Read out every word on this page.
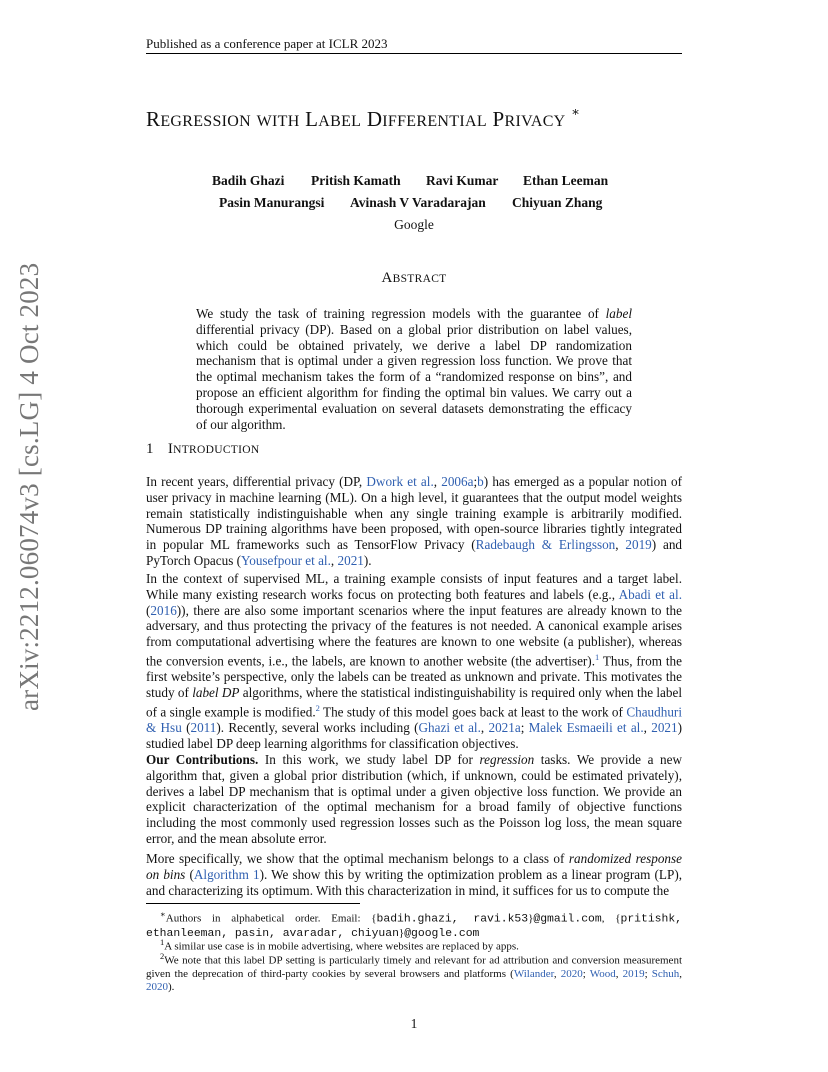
Published as a conference paper at ICLR 2023
arXiv:2212.06074v3 [cs.LG] 4 Oct 2023
REGRESSION WITH LABEL DIFFERENTIAL PRIVACY ∗
Badih Ghazi Pritish Kamath Ravi Kumar Ethan Leeman
Pasin Manurangsi Avinash V Varadarajan Chiyuan Zhang
Google
ABSTRACT
We study the task of training regression models with the guarantee of label differential privacy (DP). Based on a global prior distribution on label values, which could be obtained privately, we derive a label DP randomization mechanism that is optimal under a given regression loss function. We prove that the optimal mechanism takes the form of a “randomized response on bins”, and propose an efficient algorithm for finding the optimal bin values. We carry out a thorough experimental evaluation on several datasets demonstrating the efficacy of our algorithm.
1 INTRODUCTION
In recent years, differential privacy (DP, Dwork et al., 2006a;b) has emerged as a popular notion of user privacy in machine learning (ML). On a high level, it guarantees that the output model weights remain statistically indistinguishable when any single training example is arbitrarily modified. Numerous DP training algorithms have been proposed, with open-source libraries tightly integrated in popular ML frameworks such as TensorFlow Privacy (Radebaugh & Erlingsson, 2019) and PyTorch Opacus (Yousefpour et al., 2021).
In the context of supervised ML, a training example consists of input features and a target label. While many existing research works focus on protecting both features and labels (e.g., Abadi et al. (2016)), there are also some important scenarios where the input features are already known to the adversary, and thus protecting the privacy of the features is not needed. A canonical example arises from computational advertising where the features are known to one website (a publisher), whereas the conversion events, i.e., the labels, are known to another website (the advertiser).$^1$ Thus, from the first website’s perspective, only the labels can be treated as unknown and private. This motivates the study of label DP algorithms, where the statistical indistinguishability is required only when the label of a single example is modified.$^2$ The study of this model goes back at least to the work of Chaudhuri & Hsu (2011). Recently, several works including (Ghazi et al., 2021a; Malek Esmaeili et al., 2021) studied label DP deep learning algorithms for classification objectives.
Our Contributions. In this work, we study label DP for regression tasks. We provide a new algorithm that, given a global prior distribution (which, if unknown, could be estimated privately), derives a label DP mechanism that is optimal under a given objective loss function. We provide an explicit characterization of the optimal mechanism for a broad family of objective functions including the most commonly used regression losses such as the Poisson log loss, the mean square error, and the mean absolute error.
More specifically, we show that the optimal mechanism belongs to a class of randomized response on bins (Algorithm 1). We show this by writing the optimization problem as a linear program (LP), and characterizing its optimum. With this characterization in mind, it suffices for us to compute the
∗Authors in alphabetical order. Email: {badih.ghazi, ravi.k53}@gmail.com, {pritishk, ethanleeman, pasin, avaradar, chiyuan}@google.com
$^1$A similar use case is in mobile advertising, where websites are replaced by apps.
$^2$We note that this label DP setting is particularly timely and relevant for ad attribution and conversion measurement given the deprecation of third-party cookies by several browsers and platforms (Wilander, 2020; Wood, 2019; Schuh, 2020).
1
